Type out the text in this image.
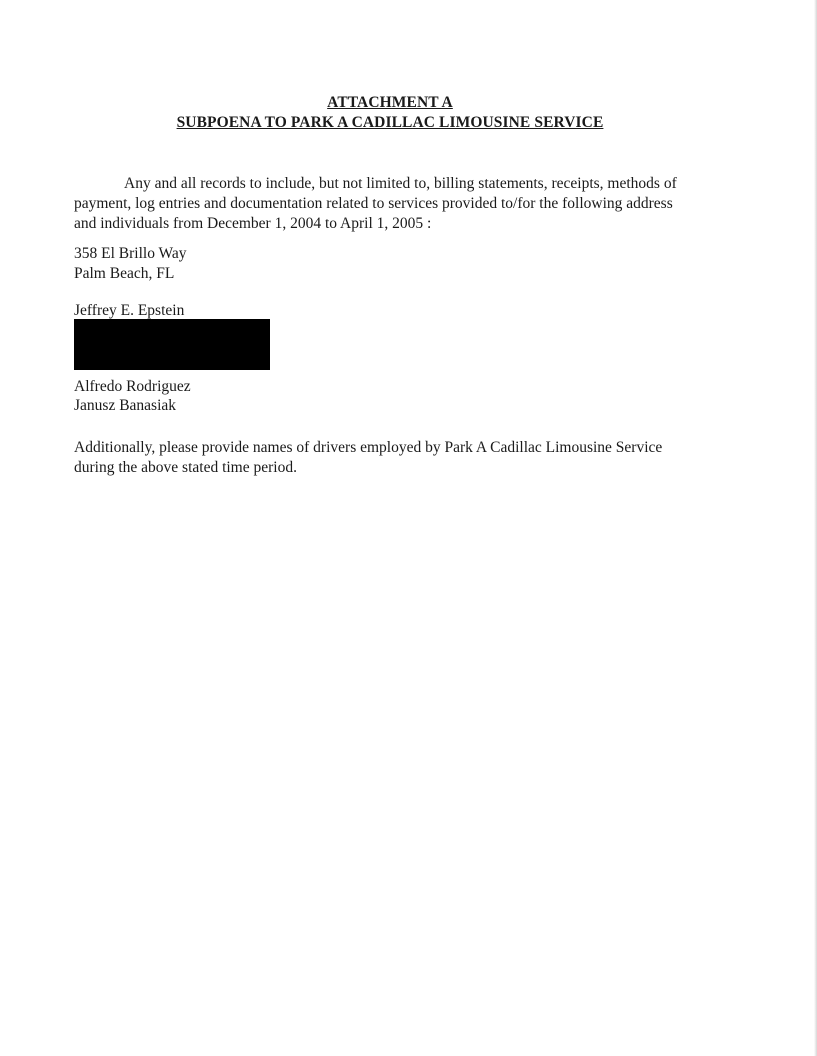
ATTACHMENT A
SUBPOENA TO PARK A CADILLAC LIMOUSINE SERVICE
Any and all records to include, but not limited to, billing statements, receipts, methods of
payment, log entries and documentation related to services provided to/for the following address
and individuals from December 1, 2004 to April 1, 2005 :
358 El Brillo Way
Palm Beach, FL
Jeffrey E. Epstein
Alfredo Rodriguez
Janusz Banasiak
Additionally, please provide names of drivers employed by Park A Cadillac Limousine Service
during the above stated time period.
